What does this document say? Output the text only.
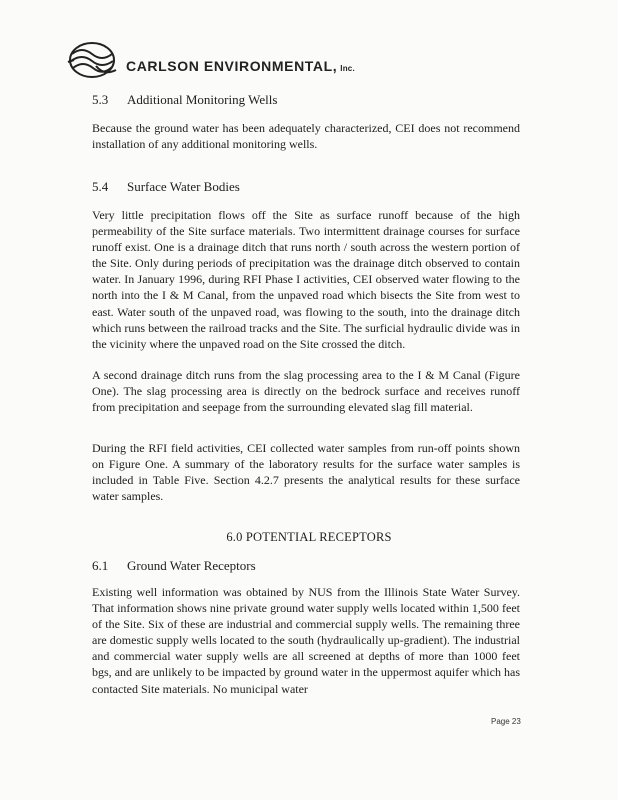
CARLSON ENVIRONMENTAL, Inc.
5.3 Additional Monitoring Wells

Because the ground water has been adequately characterized, CEI does not recommend installation of any additional monitoring wells.

5.4 Surface Water Bodies

Very little precipitation flows off the Site as surface runoff because of the high permeability of the Site surface materials. Two intermittent drainage courses for surface runoff exist. One is a drainage ditch that runs north / south across the western portion of the Site. Only during periods of precipitation was the drainage ditch observed to contain water. In January 1996, during RFI Phase I activities, CEI observed water flowing to the north into the I & M Canal, from the unpaved road which bisects the Site from west to east. Water south of the unpaved road, was flowing to the south, into the drainage ditch which runs between the railroad tracks and the Site. The surficial hydraulic divide was in the vicinity where the unpaved road on the Site crossed the ditch.

A second drainage ditch runs from the slag processing area to the I & M Canal (Figure One). The slag processing area is directly on the bedrock surface and receives runoff from precipitation and seepage from the surrounding elevated slag fill material.

During the RFI field activities, CEI collected water samples from run-off points shown on Figure One. A summary of the laboratory results for the surface water samples is included in Table Five. Section 4.2.7 presents the analytical results for these surface water samples.

6.0 POTENTIAL RECEPTORS
6.1 Ground Water Receptors

Existing well information was obtained by NUS from the Illinois State Water Survey. That information shows nine private ground water supply wells located within 1,500 feet of the Site. Six of these are industrial and commercial supply wells. The remaining three are domestic supply wells located to the south (hydraulically up-gradient). The industrial and commercial water supply wells are all screened at depths of more than 1000 feet bgs, and are unlikely to be impacted by ground water in the uppermost aquifer which has contacted Site materials. No municipal water

Page 23
